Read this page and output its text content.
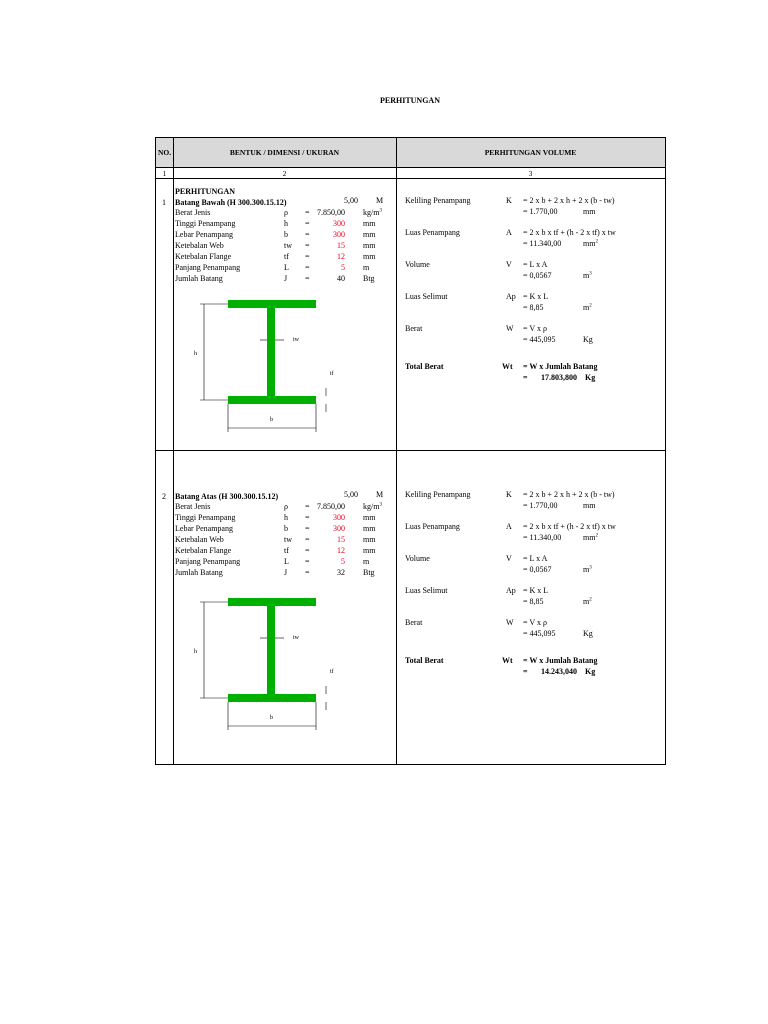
PERHITUNGAN
NO.	BENTUK / DIMENSI / UKURAN	PERHITUNGAN VOLUME
1	2	3
PERHITUNGAN
1 Batang Bawah (H 300.300.15.12)	5,00 M
Berat Jenis	ρ = 7.850,00 $kg/m^3$
Tinggi Penampang	h =	300 mm
Lebar Penampang	b =	300 mm
Ketebalan Web	tw =	15 mm
Ketebalan Flange	tf =	12 mm
Panjang Penampang	L =	5 m
Jumlah Batang	J =	40 Btg
h
b
tw
tf
Keliling Penampang	K = 2 x b + 2 x h + 2 x (b - tw)
= 1.770,00	mm
Luas Penampang	A = 2 x b x tf + (h - 2 x tf) x tw
= 11.340,00	$mm^2$
Volume	V = L x A
= 0,0567	$m^3$
Luas Selimut	Ap = K x L
= 8,85	$m^2$
Berat	W = V x ρ
= 445,095	Kg
Total Berat	Wt = W x Jumlah Batang
= 17.803,800 Kg
2 Batang Atas (H 300.300.15.12)	5,00 M
Berat Jenis	ρ = 7.850,00 $kg/m^3$
Tinggi Penampang	h =	300 mm
Lebar Penampang	b =	300 mm
Ketebalan Web	tw =	15 mm
Ketebalan Flange	tf =	12 mm
Panjang Penampang	L =	5 m
Jumlah Batang	J =	32 Btg
h
b
tw
tf
Keliling Penampang	K = 2 x b + 2 x h + 2 x (b - tw)
= 1.770,00	mm
Luas Penampang	A = 2 x b x tf + (h - 2 x tf) x tw
= 11.340,00	$mm^2$
Volume	V = L x A
= 0,0567	$m^3$
Luas Selimut	Ap = K x L
= 8,85	$m^2$
Berat	W = V x ρ
= 445,095	Kg
Total Berat	Wt = W x Jumlah Batang
= 14.243,040 Kg
